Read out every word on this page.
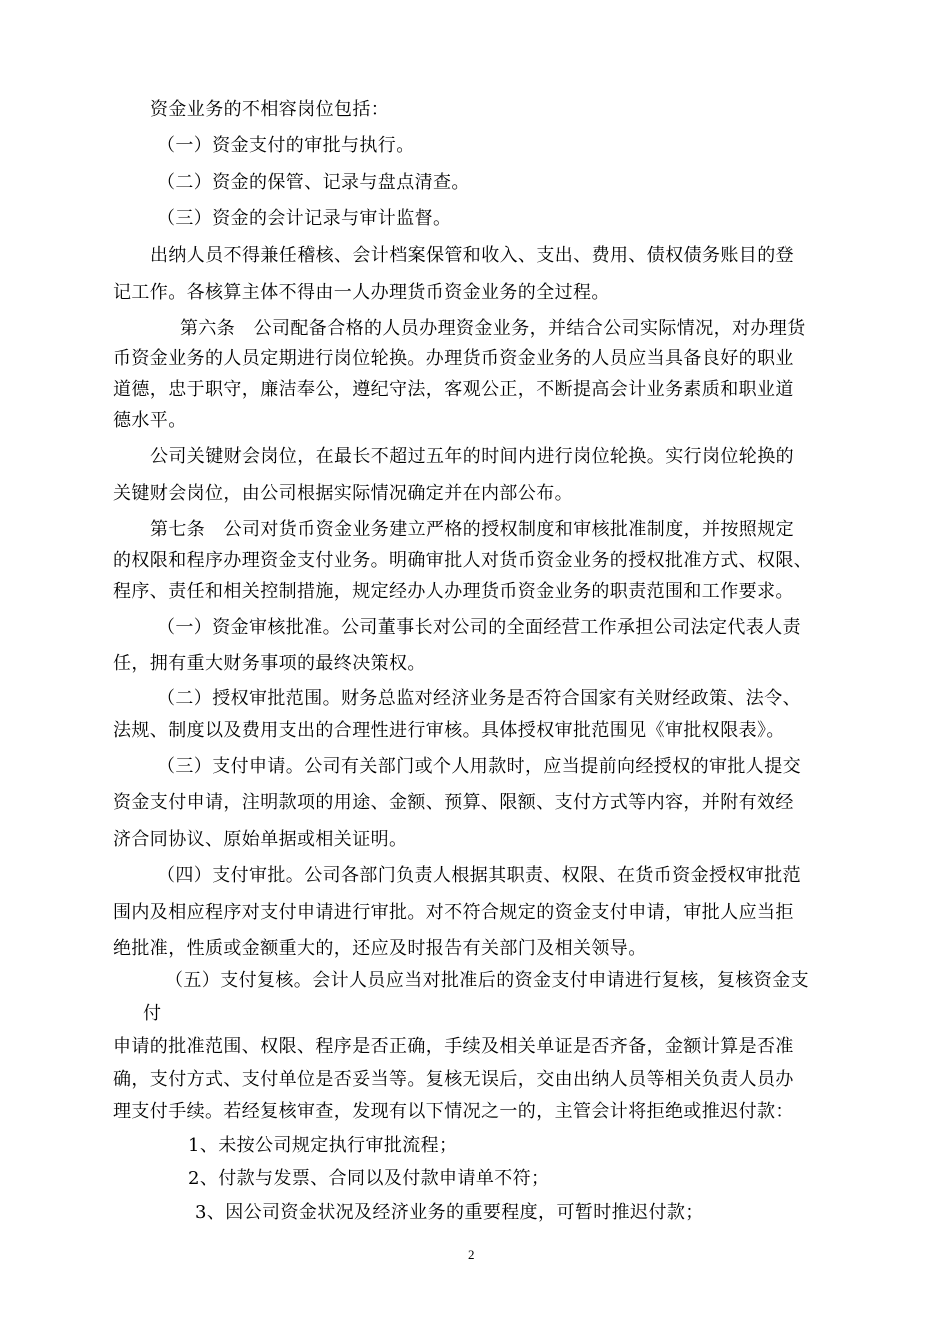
资金业务的不相容岗位包括：
（一）资金支付的审批与执行。
（二）资金的保管、记录与盘点清查。
（三）资金的会计记录与审计监督。
出纳人员不得兼任稽核、会计档案保管和收入、支出、费用、债权债务账目的登
记工作。各核算主体不得由一人办理货币资金业务的全过程。
第六条　公司配备合格的人员办理资金业务，并结合公司实际情况，对办理货
币资金业务的人员定期进行岗位轮换。办理货币资金业务的人员应当具备良好的职业
道德，忠于职守，廉洁奉公，遵纪守法，客观公正，不断提高会计业务素质和职业道
德水平。
公司关键财会岗位，在最长不超过五年的时间内进行岗位轮换。实行岗位轮换的
关键财会岗位，由公司根据实际情况确定并在内部公布。
第七条　公司对货币资金业务建立严格的授权制度和审核批准制度，并按照规定
的权限和程序办理资金支付业务。明确审批人对货币资金业务的授权批准方式、权限、
程序、责任和相关控制措施，规定经办人办理货币资金业务的职责范围和工作要求。
（一）资金审核批准。公司董事长对公司的全面经营工作承担公司法定代表人责
任，拥有重大财务事项的最终决策权。
（二）授权审批范围。财务总监对经济业务是否符合国家有关财经政策、法令、
法规、制度以及费用支出的合理性进行审核。具体授权审批范围见《审批权限表》。
（三）支付申请。公司有关部门或个人用款时，应当提前向经授权的审批人提交
资金支付申请，注明款项的用途、金额、预算、限额、支付方式等内容，并附有效经
济合同协议、原始单据或相关证明。
（四）支付审批。公司各部门负责人根据其职责、权限、在货币资金授权审批范
围内及相应程序对支付申请进行审批。对不符合规定的资金支付申请，审批人应当拒
绝批准，性质或金额重大的，还应及时报告有关部门及相关领导。
（五）支付复核。会计人员应当对批准后的资金支付申请进行复核，复核资金支
付
申请的批准范围、权限、程序是否正确，手续及相关单证是否齐备，金额计算是否准
确，支付方式、支付单位是否妥当等。复核无误后，交由出纳人员等相关负责人员办
理支付手续。若经复核审查，发现有以下情况之一的，主管会计将拒绝或推迟付款：
1、未按公司规定执行审批流程；
2、付款与发票、合同以及付款申请单不符；
3、因公司资金状况及经济业务的重要程度，可暂时推迟付款；
2
